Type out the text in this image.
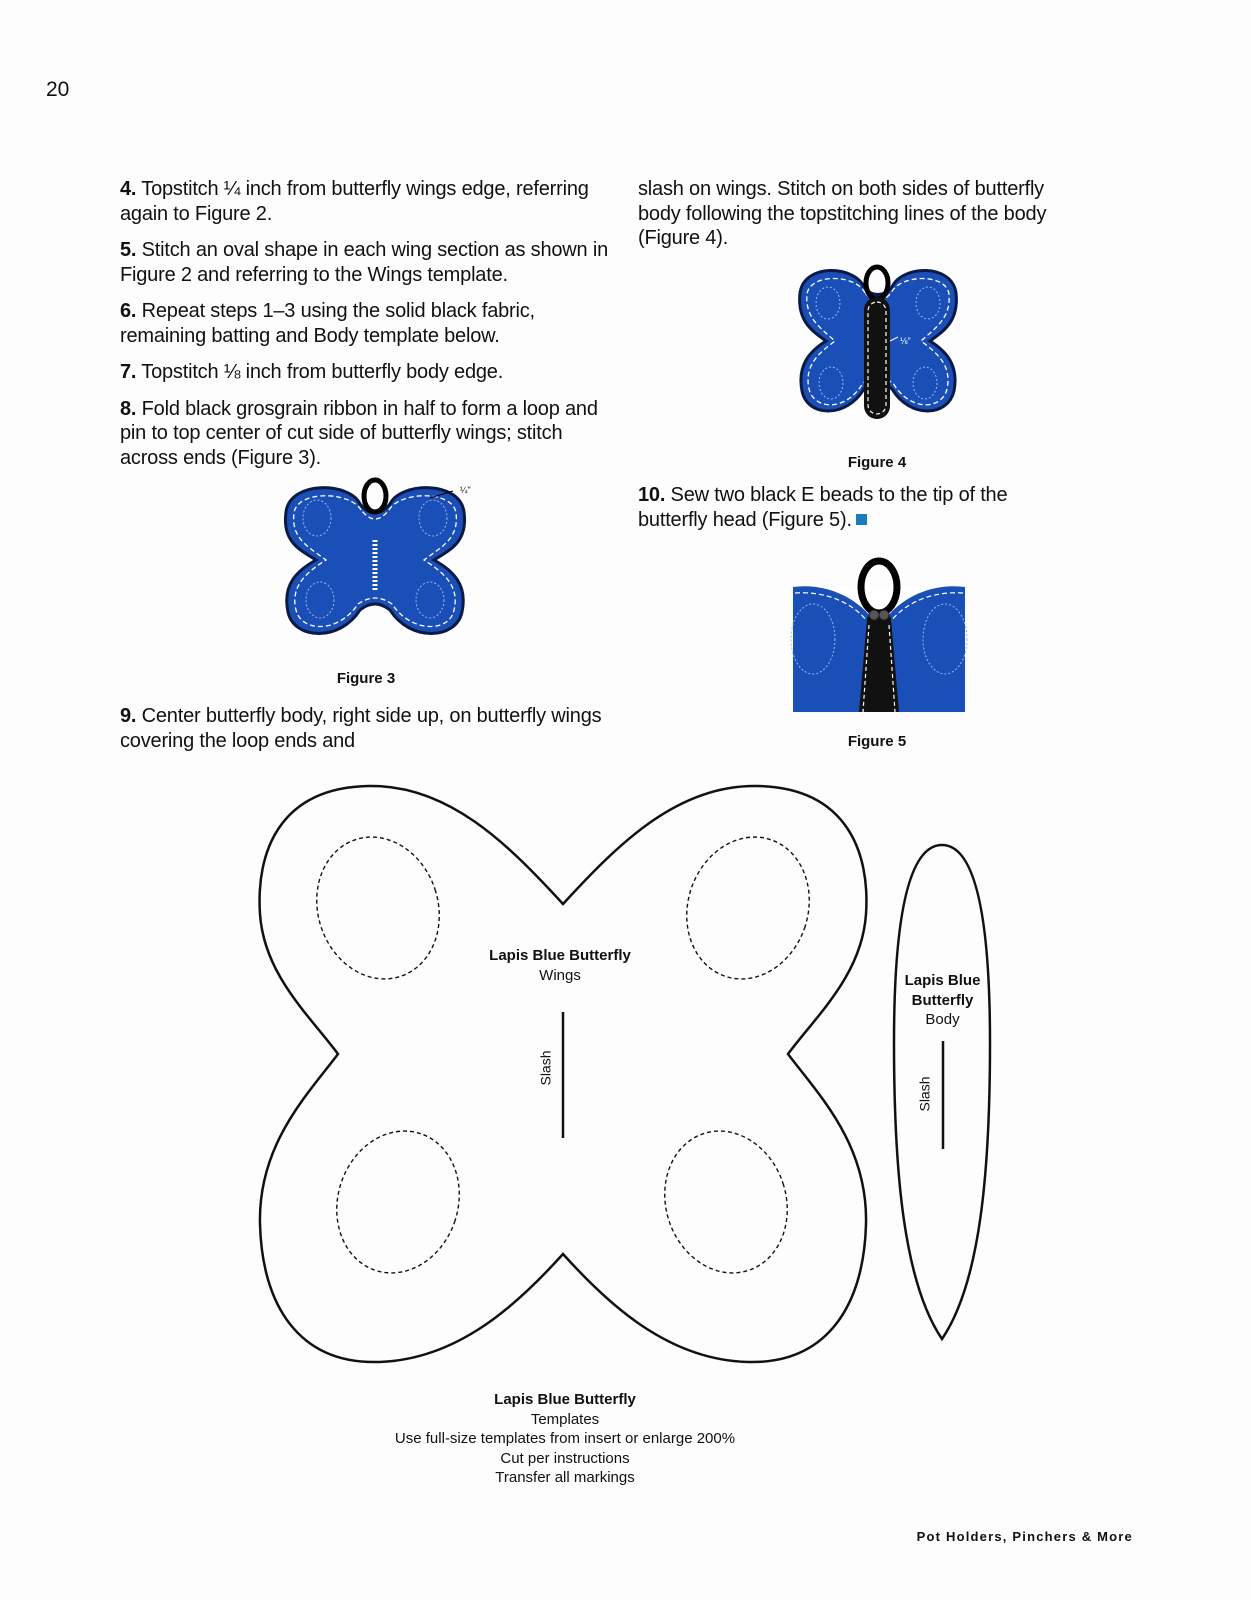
20

4. Topstitch ¼ inch from butterfly wings edge, referring again to Figure 2.

5. Stitch an oval shape in each wing section as shown in Figure 2 and referring to the Wings template.

6. Repeat steps 1–3 using the solid black fabric, remaining batting and Body template below.

7. Topstitch ⅛ inch from butterfly body edge.

8. Fold black grosgrain ribbon in half to form a loop and pin to top center of cut side of butterfly wings; stitch across ends (Figure 3).

¼"
Figure 3

9. Center butterfly body, right side up, on butterfly wings covering the loop ends and

slash on wings. Stitch on both sides of butterfly body following the topstitching lines of the body (Figure 4).

⅛"
Figure 4

10. Sew two black E beads to the tip of the butterfly head (Figure 5).

Figure 5
Lapis Blue Butterfly
Wings
Slash
Lapis Blue
Butterfly
Body
Slash
Lapis Blue Butterfly
Templates
Use full-size templates from insert or enlarge 200%
Cut per instructions
Transfer all markings
Pot Holders, Pinchers & More
